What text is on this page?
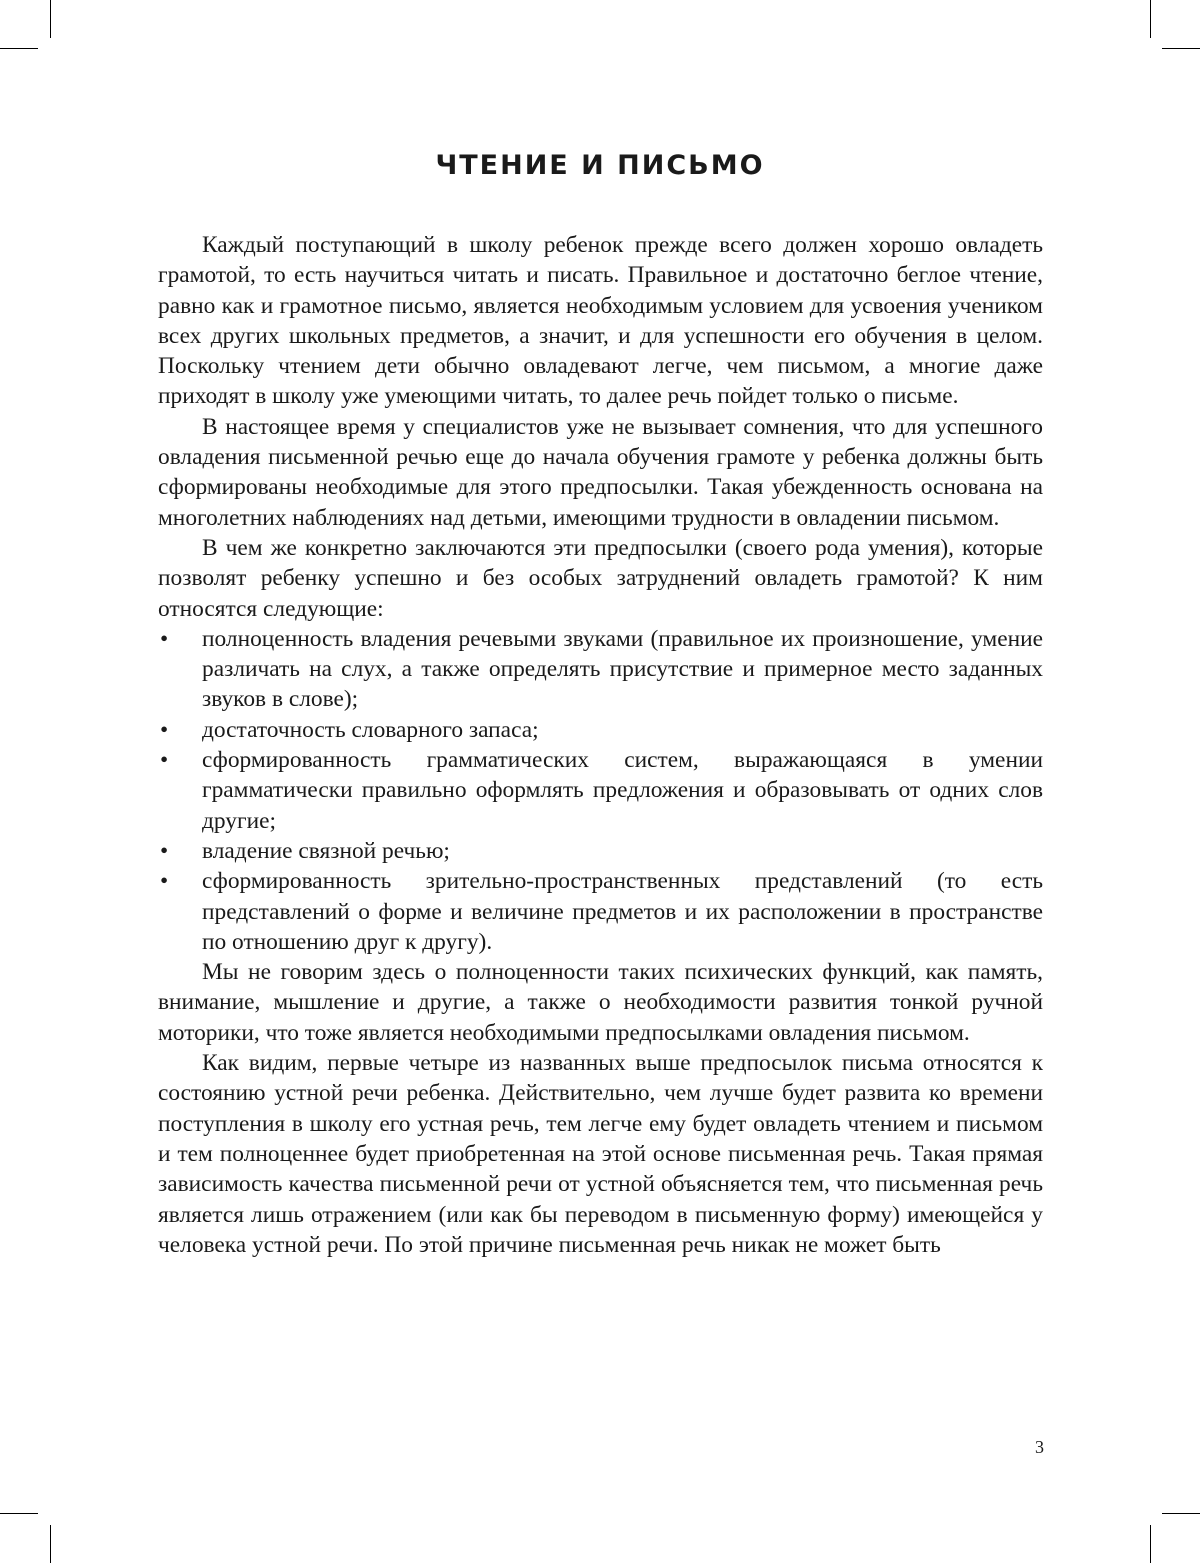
ЧТЕНИЕ И ПИСЬМО

Каждый поступающий в школу ребенок прежде всего должен хорошо овладеть грамотой, то есть научиться читать и писать. Правильное и достаточно беглое чтение, равно как и грамотное письмо, является необходимым условием для усвоения учеником всех других школьных предметов, а значит, и для успешности его обучения в целом. Поскольку чтением дети обычно овладевают легче, чем письмом, а многие даже приходят в школу уже умеющими читать, то далее речь пойдет только о письме.

В настоящее время у специалистов уже не вызывает сомнения, что для успешного овладения письменной речью еще до начала обучения грамоте у ребенка должны быть сформированы необходимые для этого предпосылки. Такая убежденность основана на многолетних наблюдениях над детьми, имеющими трудности в овладении письмом.

В чем же конкретно заключаются эти предпосылки (своего рода умения), которые позволят ребенку успешно и без особых затруднений овладеть грамотой? К ним относятся следующие:

• полноценность владения речевыми звуками (правильное их произношение, умение различать на слух, а также определять присутствие и примерное место заданных звуков в слове);
• достаточность словарного запаса;
• сформированность грамматических систем, выражающаяся в умении грамматически правильно оформлять предложения и образовывать от одних слов другие;
• владение связной речью;
• сформированность зрительно-пространственных представлений (то есть представлений о форме и величине предметов и их расположении в пространстве по отношению друг к другу).

Мы не говорим здесь о полноценности таких психических функций, как память, внимание, мышление и другие, а также о необходимости развития тонкой ручной моторики, что тоже является необходимыми предпосылками овладения письмом.

Как видим, первые четыре из названных выше предпосылок письма относятся к состоянию устной речи ребенка. Действительно, чем лучше будет развита ко времени поступления в школу его устная речь, тем легче ему будет овладеть чтением и письмом и тем полноценнее будет приобретенная на этой основе письменная речь. Такая прямая зависимость качества письменной речи от устной объясняется тем, что письменная речь является лишь отражением (или как бы переводом в письменную форму) имеющейся у человека устной речи. По этой причине письменная речь никак не может быть

3
